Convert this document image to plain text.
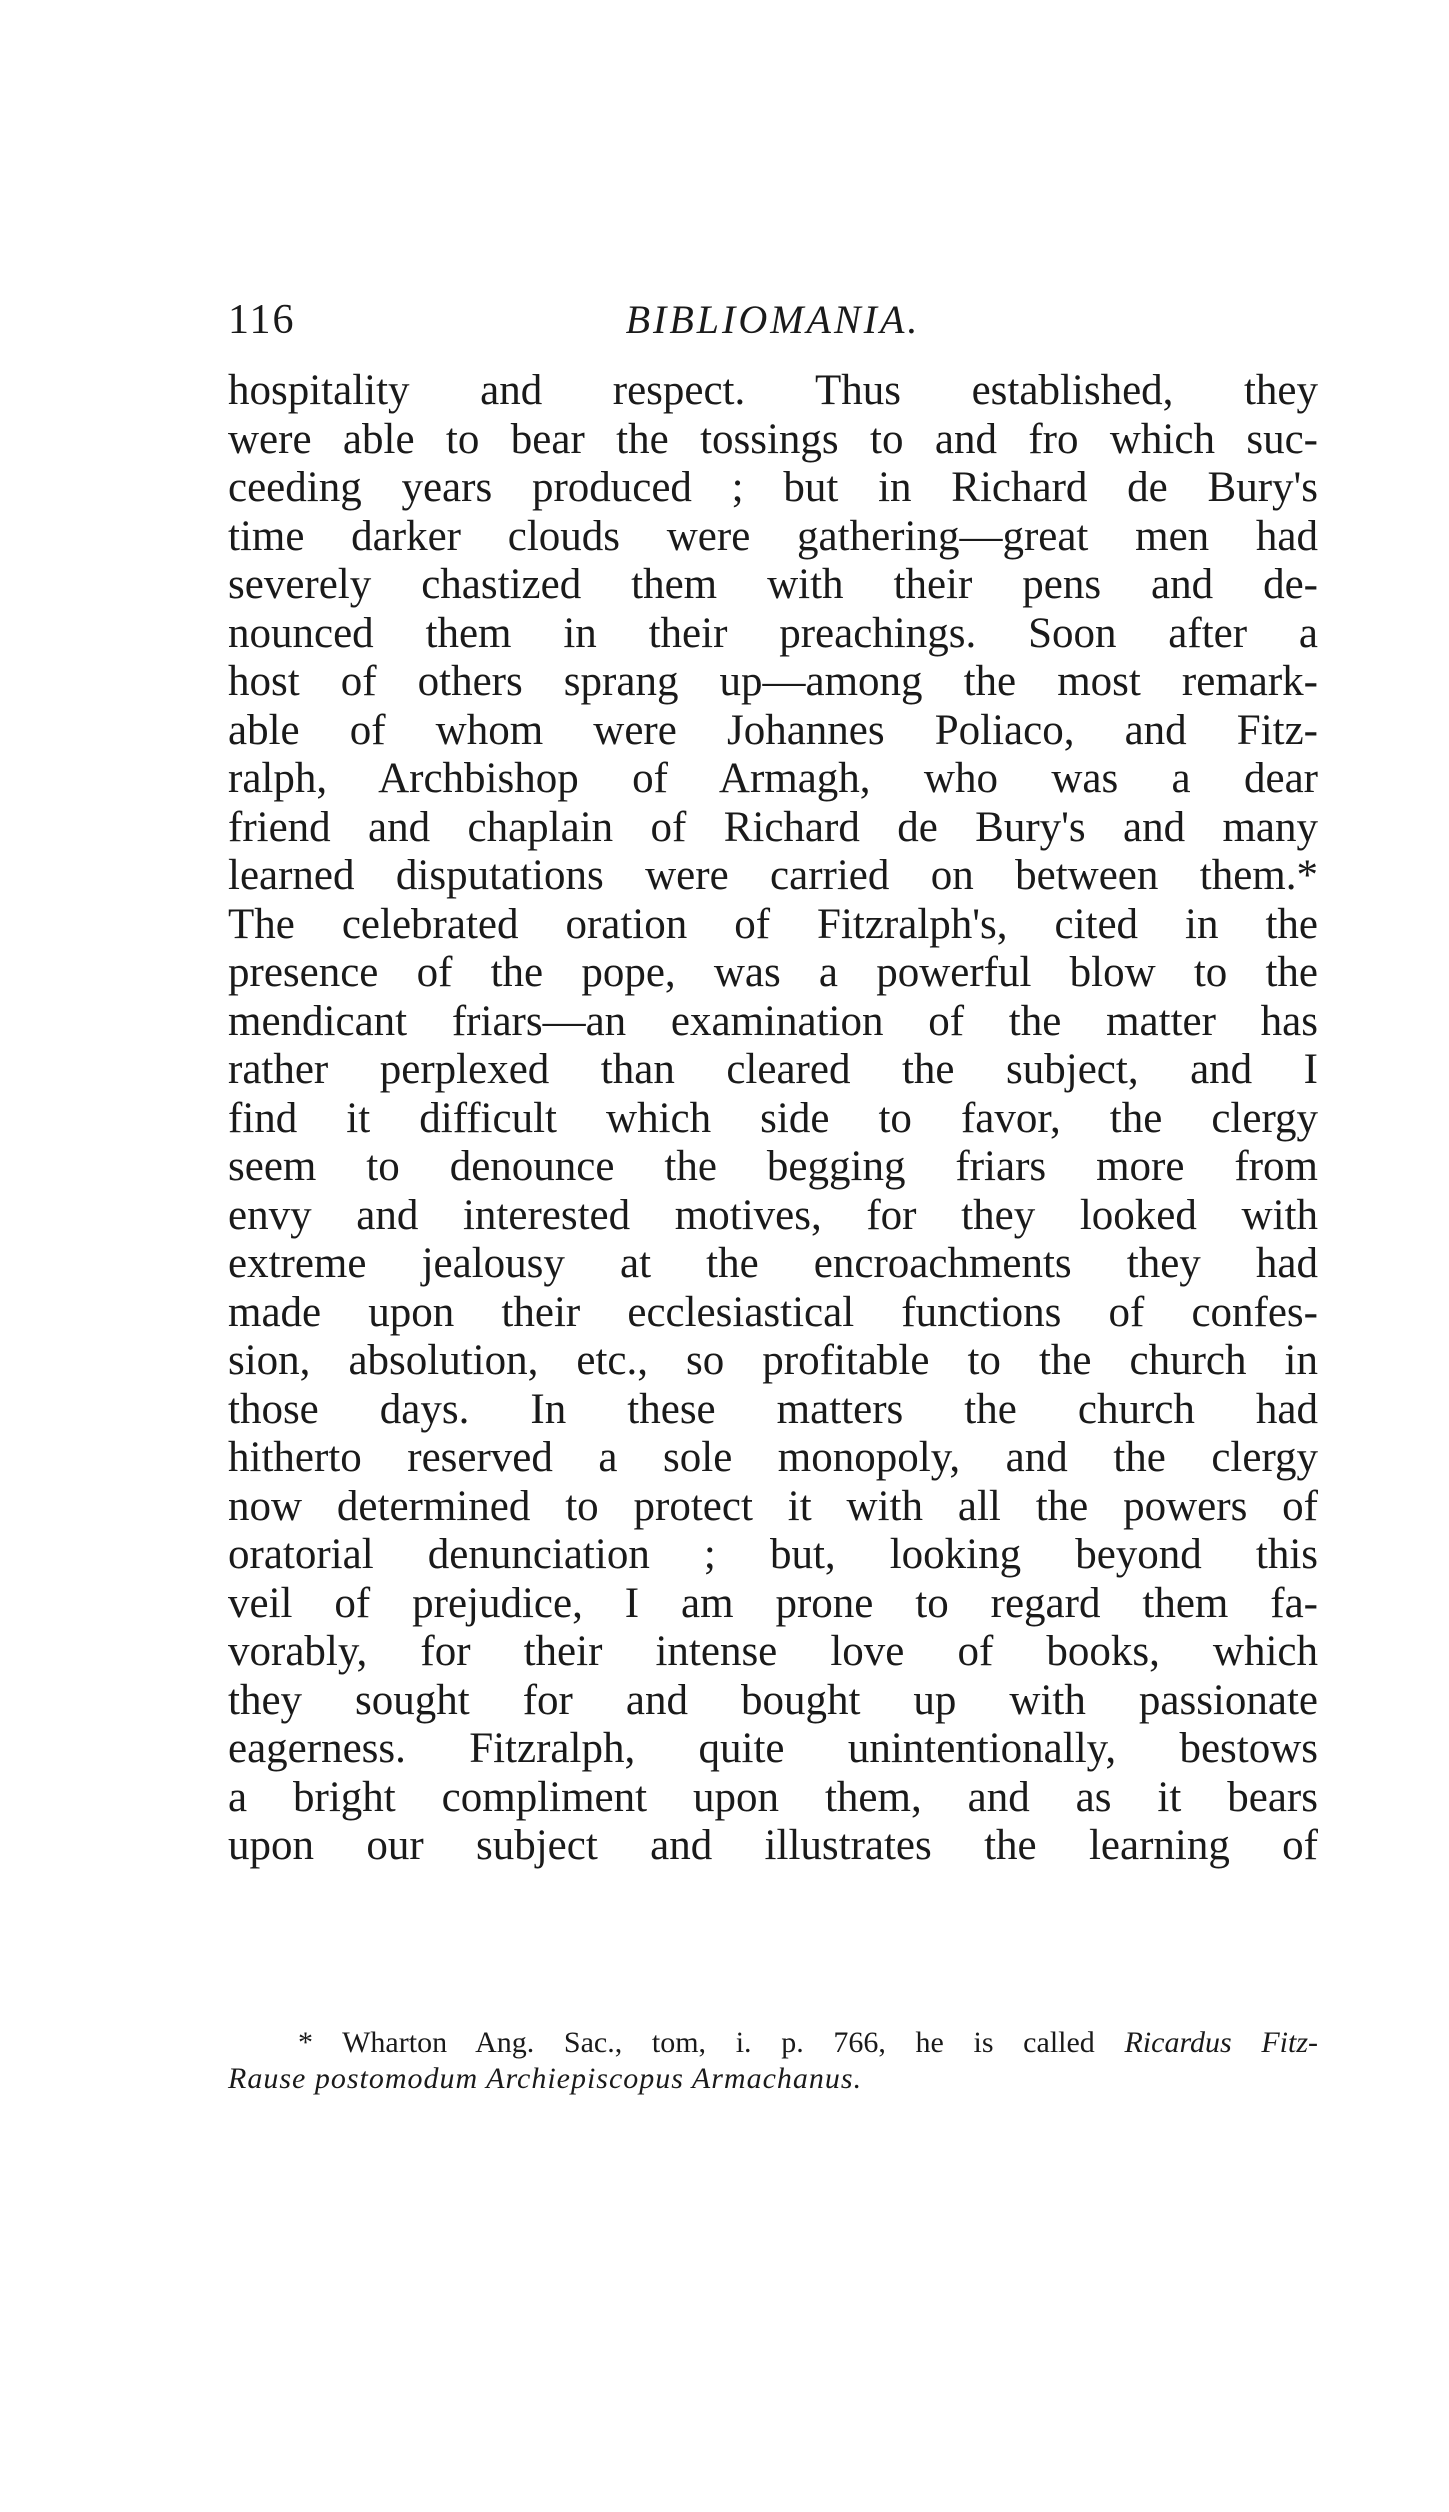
116	BIBLIOMANIA.
hospitality and respect. Thus established, they
were able to bear the tossings to and fro which suc-
ceeding years produced ; but in Richard de Bury's
time darker clouds were gathering—great men had
severely chastized them with their pens and de-
nounced them in their preachings. Soon after a
host of others sprang up—among the most remark-
able of whom were Johannes Poliaco, and Fitz-
ralph, Archbishop of Armagh, who was a dear
friend and chaplain of Richard de Bury's and many
learned disputations were carried on between them.*
The celebrated oration of Fitzralph's, cited in the
presence of the pope, was a powerful blow to the
mendicant friars—an examination of the matter has
rather perplexed than cleared the subject, and I
find it difficult which side to favor, the clergy
seem to denounce the begging friars more from
envy and interested motives, for they looked with
extreme jealousy at the encroachments they had
made upon their ecclesiastical functions of confes-
sion, absolution, etc., so profitable to the church in
those days. In these matters the church had
hitherto reserved a sole monopoly, and the clergy
now determined to protect it with all the powers of
oratorial denunciation ; but, looking beyond this
veil of prejudice, I am prone to regard them fa-
vorably, for their intense love of books, which
they sought for and bought up with passionate
eagerness. Fitzralph, quite unintentionally, bestows
a bright compliment upon them, and as it bears
upon our subject and illustrates the learning of
* Wharton Ang. Sac., tom, i. p. 766, he is called Ricardus Fitz-
Rause postomodum Archiepiscopus Armachanus.
